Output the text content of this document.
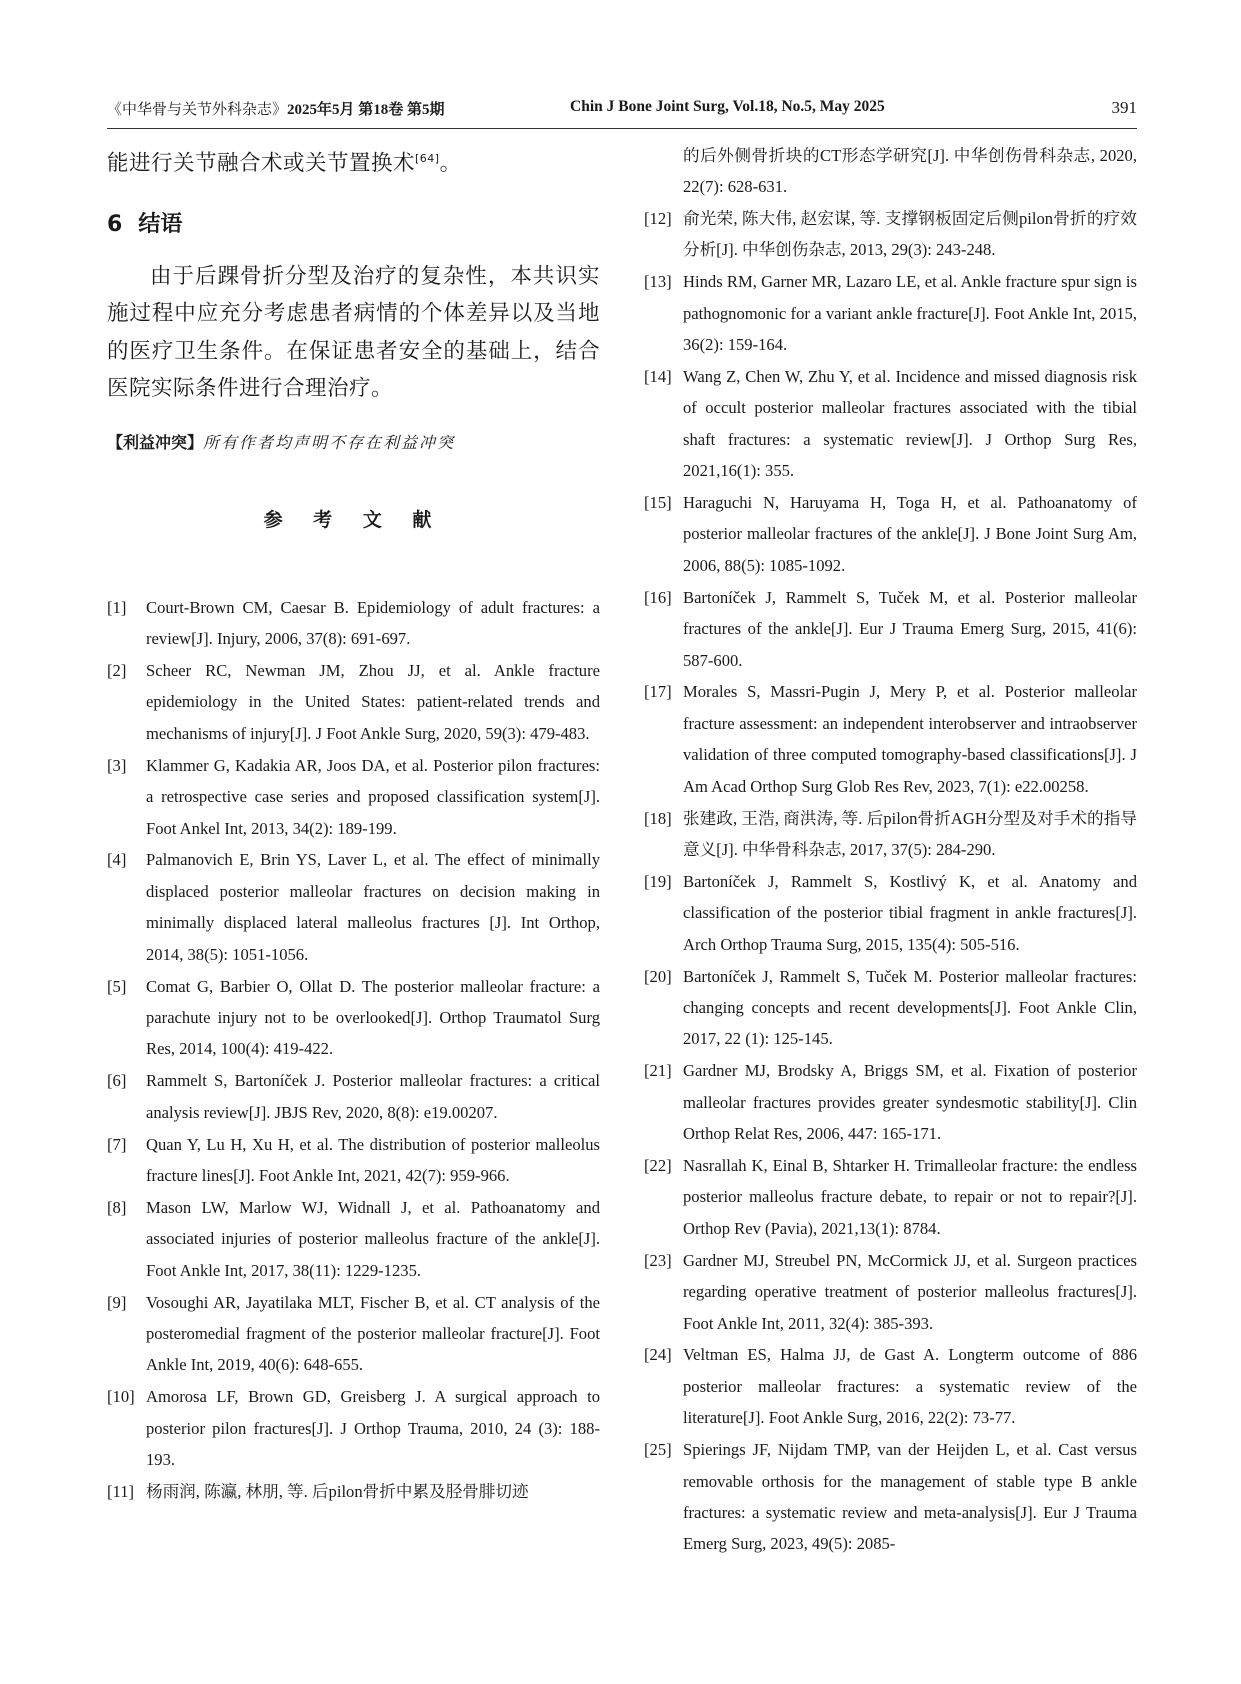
《中华骨与关节外科杂志》2025年5月 第18卷 第5期	Chin J Bone Joint Surg, Vol.18, No.5, May 2025	391

能进行关节融合术或关节置换术[64]。

6 结语

由于后踝骨折分型及治疗的复杂性，本共识实施过程中应充分考虑患者病情的个体差异以及当地的医疗卫生条件。在保证患者安全的基础上，结合医院实际条件进行合理治疗。

【利益冲突】所有作者均声明不存在利益冲突

参 考 文 献
[1] Court-Brown CM, Caesar B. Epidemiology of adult fractures: a review[J]. Injury, 2006, 37(8): 691-697.
[2] Scheer RC, Newman JM, Zhou JJ, et al. Ankle fracture epidemiology in the United States: patient-related trends and mechanisms of injury[J]. J Foot Ankle Surg, 2020, 59(3): 479-483.
[3] Klammer G, Kadakia AR, Joos DA, et al. Posterior pilon fractures: a retrospective case series and proposed classification system[J]. Foot Ankel Int, 2013, 34(2): 189-199.
[4] Palmanovich E, Brin YS, Laver L, et al. The effect of minimally displaced posterior malleolar fractures on decision making in minimally displaced lateral malleolus fractures [J]. Int Orthop, 2014, 38(5): 1051-1056.
[5] Comat G, Barbier O, Ollat D. The posterior malleolar fracture: a parachute injury not to be overlooked[J]. Orthop Traumatol Surg Res, 2014, 100(4): 419-422.
[6] Rammelt S, Bartoníček J. Posterior malleolar fractures: a critical analysis review[J]. JBJS Rev, 2020, 8(8): e19.00207.
[7] Quan Y, Lu H, Xu H, et al. The distribution of posterior malleolus fracture lines[J]. Foot Ankle Int, 2021, 42(7): 959-966.
[8] Mason LW, Marlow WJ, Widnall J, et al. Pathoanatomy and associated injuries of posterior malleolus fracture of the ankle[J]. Foot Ankle Int, 2017, 38(11): 1229-1235.
[9] Vosoughi AR, Jayatilaka MLT, Fischer B, et al. CT analysis of the posteromedial fragment of the posterior malleolar fracture[J]. Foot Ankle Int, 2019, 40(6): 648-655.
[10] Amorosa LF, Brown GD, Greisberg J. A surgical approach to posterior pilon fractures[J]. J Orthop Trauma, 2010, 24 (3): 188-193.
[11] 杨雨润, 陈瀛, 林朋, 等. 后pilon骨折中累及胫骨腓切迹
的后外侧骨折块的CT形态学研究[J]. 中华创伤骨科杂志, 2020, 22(7): 628-631.
[12] 俞光荣, 陈大伟, 赵宏谋, 等. 支撑钢板固定后侧pilon骨折的疗效分析[J]. 中华创伤杂志, 2013, 29(3): 243-248.
[13] Hinds RM, Garner MR, Lazaro LE, et al. Ankle fracture spur sign is pathognomonic for a variant ankle fracture[J]. Foot Ankle Int, 2015, 36(2): 159-164.
[14] Wang Z, Chen W, Zhu Y, et al. Incidence and missed diagnosis risk of occult posterior malleolar fractures associated with the tibial shaft fractures: a systematic review[J]. J Orthop Surg Res, 2021,16(1): 355.
[15] Haraguchi N, Haruyama H, Toga H, et al. Pathoanatomy of posterior malleolar fractures of the ankle[J]. J Bone Joint Surg Am, 2006, 88(5): 1085-1092.
[16] Bartoníček J, Rammelt S, Tuček M, et al. Posterior malleolar fractures of the ankle[J]. Eur J Trauma Emerg Surg, 2015, 41(6): 587-600.
[17] Morales S, Massri-Pugin J, Mery P, et al. Posterior malleolar fracture assessment: an independent interobserver and intraobserver validation of three computed tomography-based classifications[J]. J Am Acad Orthop Surg Glob Res Rev, 2023, 7(1): e22.00258.
[18] 张建政, 王浩, 商洪涛, 等. 后pilon骨折AGH分型及对手术的指导意义[J]. 中华骨科杂志, 2017, 37(5): 284-290.
[19] Bartoníček J, Rammelt S, Kostlivý K, et al. Anatomy and classification of the posterior tibial fragment in ankle fractures[J]. Arch Orthop Trauma Surg, 2015, 135(4): 505-516.
[20] Bartoníček J, Rammelt S, Tuček M. Posterior malleolar fractures: changing concepts and recent developments[J]. Foot Ankle Clin, 2017, 22 (1): 125-145.
[21] Gardner MJ, Brodsky A, Briggs SM, et al. Fixation of posterior malleolar fractures provides greater syndesmotic stability[J]. Clin Orthop Relat Res, 2006, 447: 165-171.
[22] Nasrallah K, Einal B, Shtarker H. Trimalleolar fracture: the endless posterior malleolus fracture debate, to repair or not to repair?[J]. Orthop Rev (Pavia), 2021,13(1): 8784.
[23] Gardner MJ, Streubel PN, McCormick JJ, et al. Surgeon practices regarding operative treatment of posterior malleolus fractures[J]. Foot Ankle Int, 2011, 32(4): 385-393.
[24] Veltman ES, Halma JJ, de Gast A. Longterm outcome of 886 posterior malleolar fractures: a systematic review of the literature[J]. Foot Ankle Surg, 2016, 22(2): 73-77.
[25] Spierings JF, Nijdam TMP, van der Heijden L, et al. Cast versus removable orthosis for the management of stable type B ankle fractures: a systematic review and meta-analysis[J]. Eur J Trauma Emerg Surg, 2023, 49(5): 2085-
